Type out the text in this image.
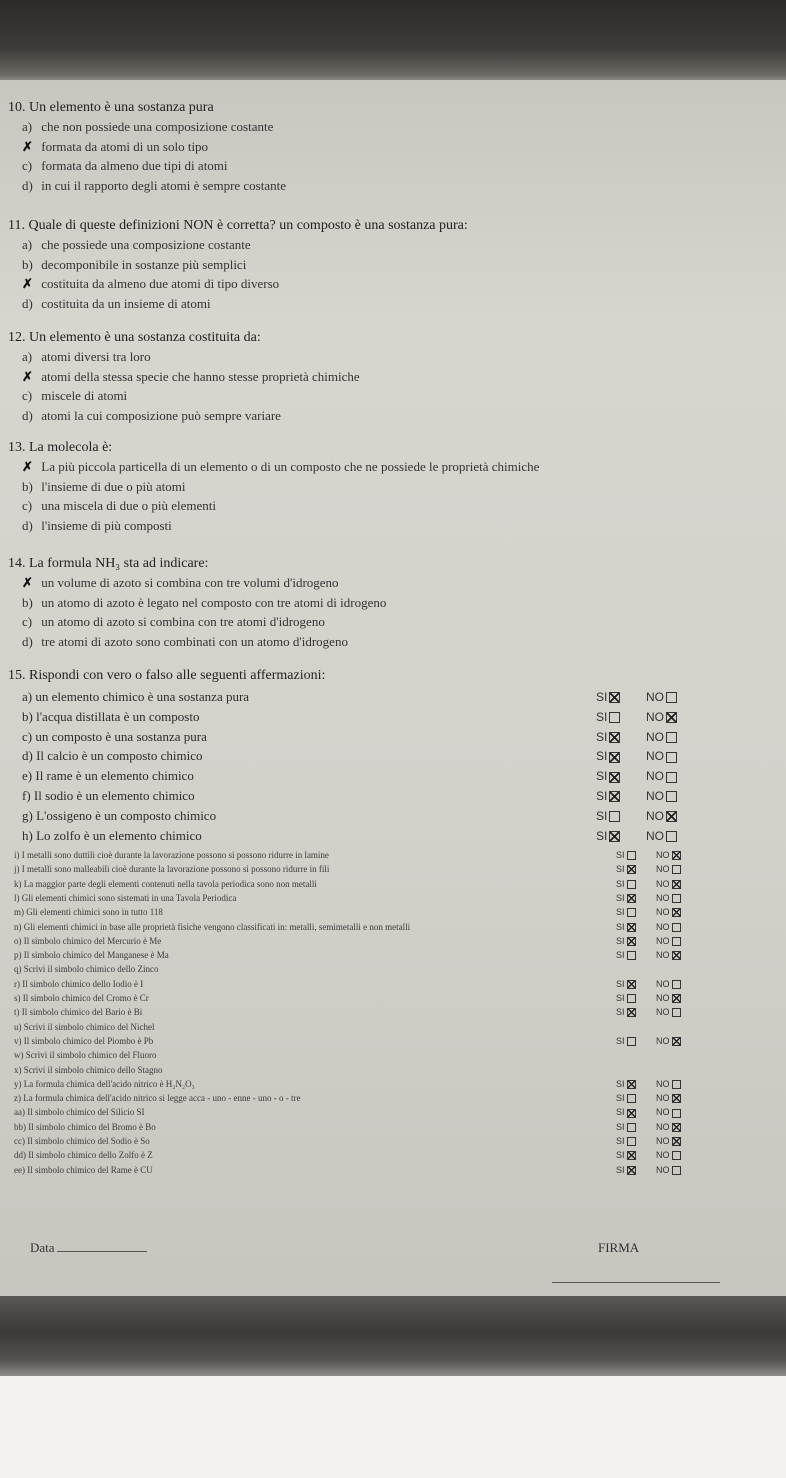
10. Un elemento è una sostanza pura
a) che non possiede una composizione costante
✗ formata da atomi di un solo tipo
c) formata da almeno due tipi di atomi
d) in cui il rapporto degli atomi è sempre costante
11. Quale di queste definizioni NON è corretta? un composto è una sostanza pura:
a) che possiede una composizione costante
b) decomponibile in sostanze più semplici
✗ costituita da almeno due atomi di tipo diverso
d) costituita da un insieme di atomi
12. Un elemento è una sostanza costituita da:
a) atomi diversi tra loro
✗ atomi della stessa specie che hanno stesse proprietà chimiche
c) miscele di atomi
d) atomi la cui composizione può sempre variare
13. La molecola è:
✗ La più piccola particella di un elemento o di un composto che ne possiede le proprietà chimiche
b) l'insieme di due o più atomi
c) una miscela di due o più elementi
d) l'insieme di più composti
14. La formula NH₃ sta ad indicare:
✗ un volume di azoto si combina con tre volumi d'idrogeno
b) un atomo di azoto è legato nel composto con tre atomi di idrogeno
c) un atomo di azoto si combina con tre atomi d'idrogeno
d) tre atomi di azoto sono combinati con un atomo d'idrogeno
15. Rispondi con vero o falso alle seguenti affermazioni:
a) un elemento chimico è una sostanza pura	SI	NO
b) l'acqua distillata è un composto	SI	NO
c) un composto è una sostanza pura	SI	NO
d) Il calcio è un composto chimico	SI	NO
e) Il rame è un elemento chimico	SI	NO
f) Il sodio è un elemento chimico	SI	NO
g) L'ossigeno è un composto chimico	SI	NO
h) Lo zolfo è un elemento chimico	SI	NO
i) I metalli sono duttili cioè durante la lavorazione possono si possono ridurre in lamine	SI	NO
j) I metalli sono malleabili cioè durante la lavorazione possono si possono ridurre in fili	SI	NO
k) La maggior parte degli elementi contenuti nella tavola periodica sono non metalli	SI	NO
l) Gli elementi chimici sono sistemati in una Tavola Periodica	SI	NO
m) Gli elementi chimici sono in tutto 118	SI	NO
n) Gli elementi chimici in base alle proprietà fisiche vengono classificati in: metalli, semimetalli e non metalli	SI	NO
o) Il simbolo chimico del Mercurio è Me	SI	NO
p) Il simbolo chimico del Manganese è Ma	SI	NO
q) Scrivi il simbolo chimico dello Zinco
r) Il simbolo chimico dello Iodio è I	SI	NO
s) Il simbolo chimico del Cromo è Cr	SI	NO
t) Il simbolo chimico del Bario è Bi	SI	NO
u) Scrivi il simbolo chimico del Nichel
v) Il simbolo chimico del Piombo è Pb	SI	NO
w) Scrivi il simbolo chimico del Fluoro
x) Scrivi il simbolo chimico dello Stagno
y) La formula chimica dell'acido nitrico è H₂N₂O₃	SI	NO
z) La formula chimica dell'acido nitrico si legge acca - uno - enne - uno - o - tre	SI	NO
aa) Il simbolo chimico del Silicio SI	SI	NO
bb) Il simbolo chimico del Bromo è Bo	SI	NO
cc) Il simbolo chimico del Sodio è So	SI	NO
dd) Il simbolo chimico dello Zolfo è Z	SI	NO
ee) Il simbolo chimico del Rame è CU	SI	NO
Data	FIRMA
